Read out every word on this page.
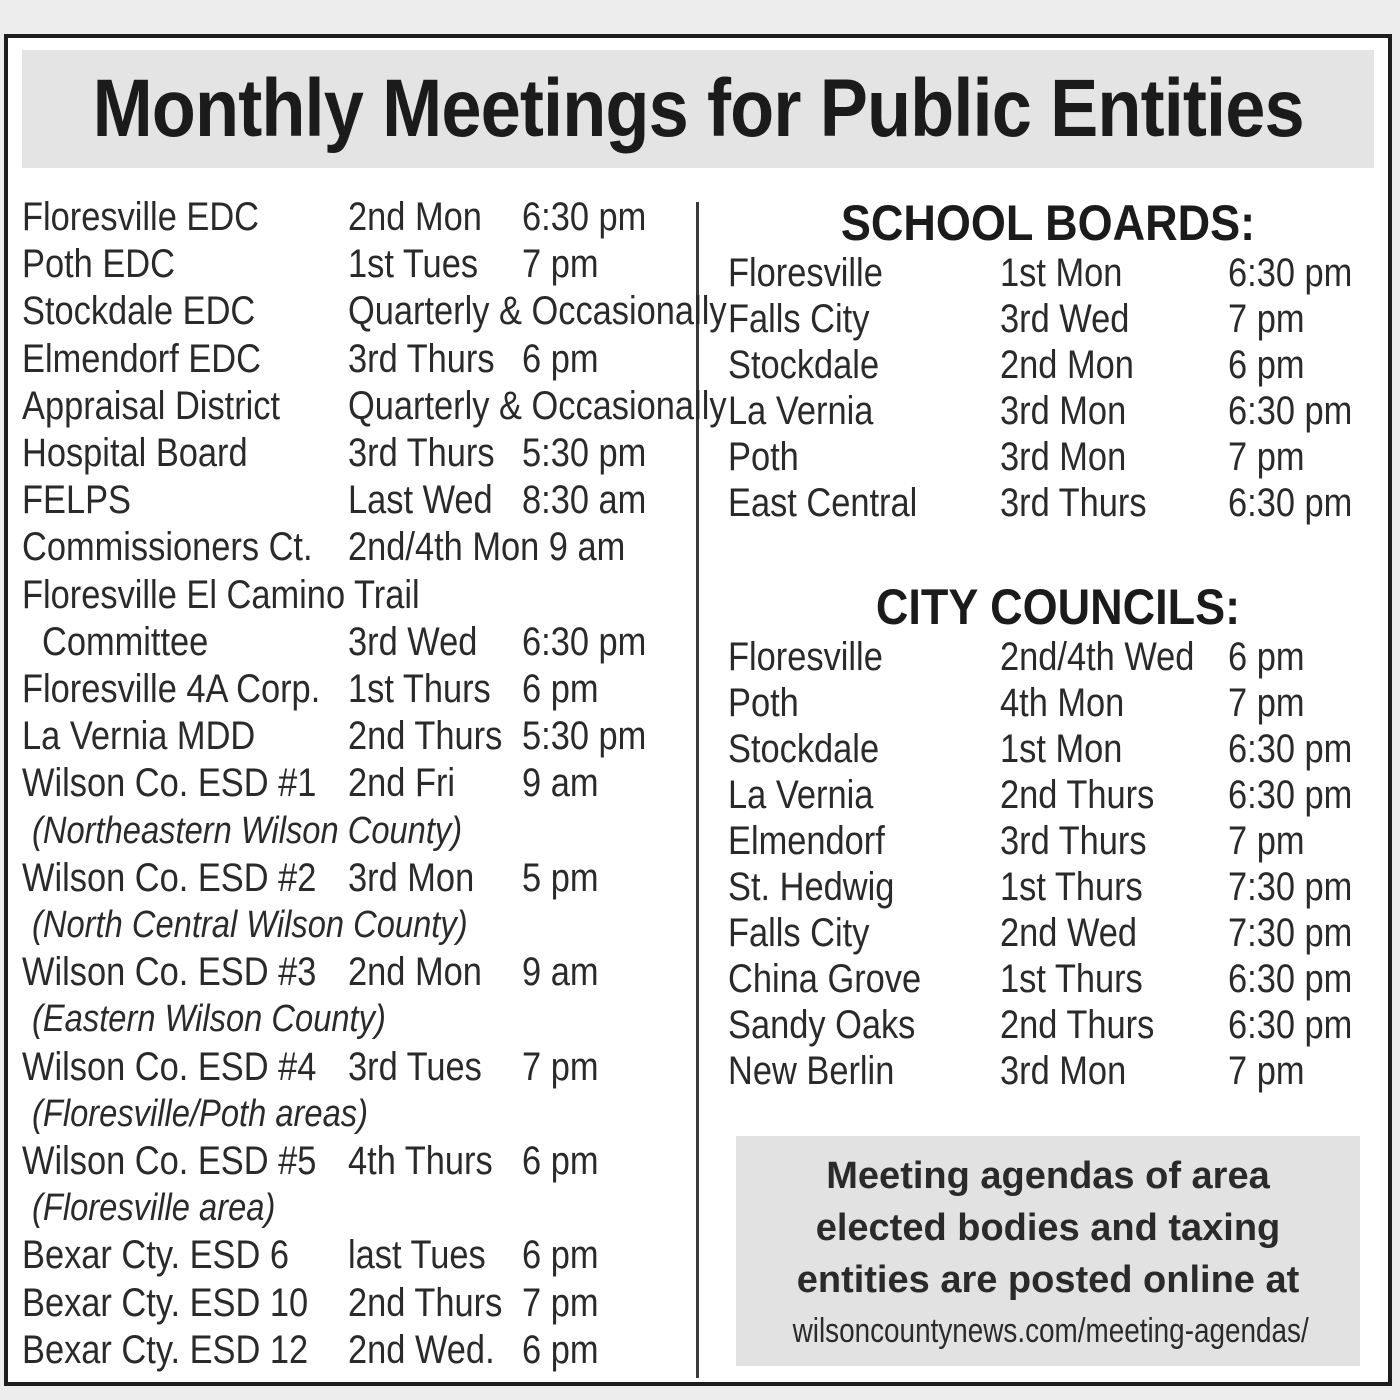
Monthly Meetings for Public Entities
Floresville EDC 2nd Mon 6:30 pm
Poth EDC	1st Tues 7 pm
Stockdale EDC Quarterly & Occasionally
Elmendorf EDC 3rd Thurs 6 pm
Appraisal District Quarterly & Occasionally
Hospital Board	3rd Thurs 5:30 pm
FELPS	Last Wed 8:30 am
Commissioners Ct. 2nd/4th Mon 9 am
Floresville El Camino Trail
Committee	3rd Wed 6:30 pm
Floresville 4A Corp. 1st Thurs 6 pm
La Vernia MDD 2nd Thurs 5:30 pm
Wilson Co. ESD #1 2nd Fri 9 am
(Northeastern Wilson County)
Wilson Co. ESD #2 3rd Mon 5 pm
(North Central Wilson County)
Wilson Co. ESD #3 2nd Mon 9 am
(Eastern Wilson County)
Wilson Co. ESD #4 3rd Tues 7 pm
(Floresville/Poth areas)
Wilson Co. ESD #5 4th Thurs 6 pm
(Floresville area)
Bexar Cty. ESD 6 last Tues 6 pm
Bexar Cty. ESD 10 2nd Thurs 7 pm
Bexar Cty. ESD 12 2nd Wed. 6 pm
SCHOOL BOARDS:
Floresville	1st Mon	6:30 pm
Falls City	3rd Wed 7 pm
Stockdale	2nd Mon 6 pm
La Vernia	3rd Mon	6:30 pm
Poth	3rd Mon	7 pm
East Central 3rd Thurs 6:30 pm
CITY COUNCILS:
Floresville	2nd/4th Wed 6 pm
Poth	4th Mon	7 pm
Stockdale	1st Mon	6:30 pm
La Vernia	2nd Thurs 6:30 pm
Elmendorf	3rd Thurs 7 pm
St. Hedwig	1st Thurs 7:30 pm
Falls City	2nd Wed 7:30 pm
China Grove 1st Thurs 6:30 pm
Sandy Oaks 2nd Thurs 6:30 pm
New Berlin	3rd Mon	7 pm
Meeting agendas of area
elected bodies and taxing
entities are posted online at
wilsoncountynews.com/meeting-agendas/
